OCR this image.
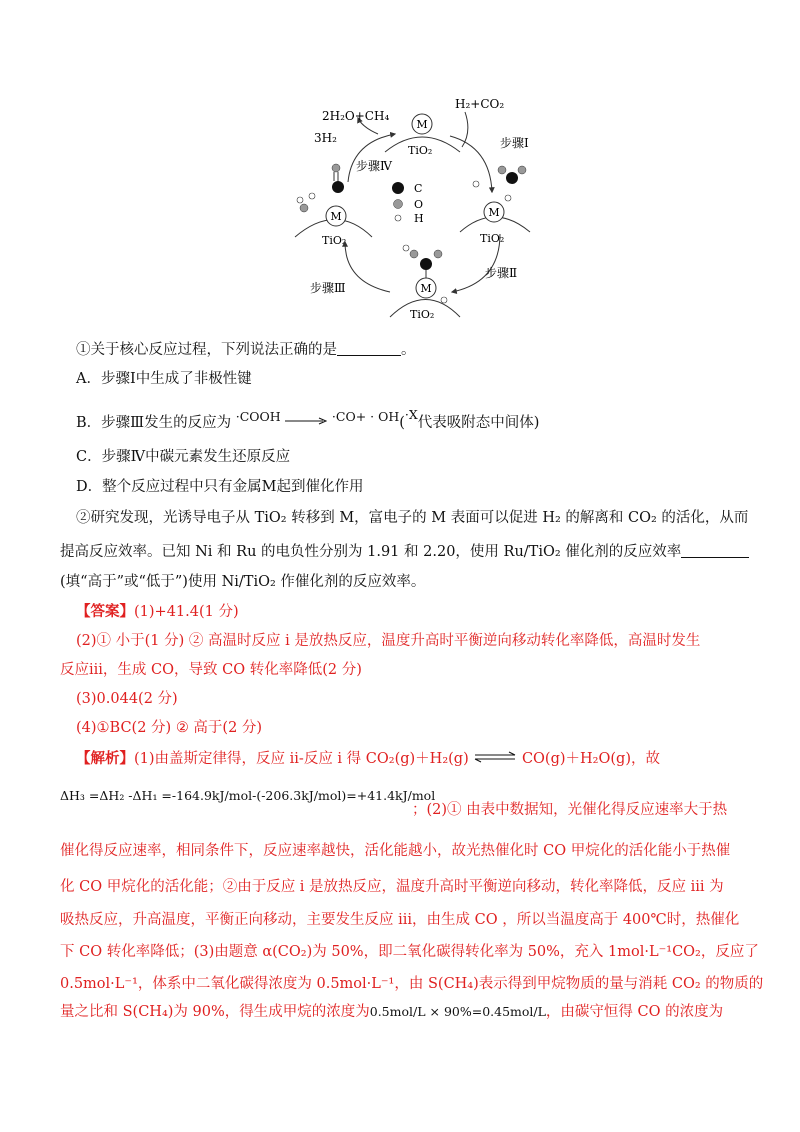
M
TiO₂
M
TiO₂
M
TiO₂
M
TiO₂
2H₂O+CH₄
3H₂
H₂+CO₂
步骤Ⅰ
步骤Ⅱ
步骤Ⅲ
步骤Ⅳ
C
O
H
①关于核心反应过程，下列说法正确的是	。
A．步骤Ⅰ中生成了非极性键
B．步骤Ⅲ发生的反应为 ·COOH → ·CO+ · OH(·X代表吸附态中间体)
C．步骤Ⅳ中碳元素发生还原反应
D．整个反应过程中只有金属M起到催化作用
②研究发现，光诱导电子从 TiO₂ 转移到 M，富电子的 M 表面可以促进 H₂ 的解离和 CO₂ 的活化，从而
提高反应效率。已知 Ni 和 Ru 的电负性分别为 1.91 和 2.20，使用 Ru/TiO₂ 催化剂的反应效率
(填“高于”或“低于”)使用 Ni/TiO₂ 作催化剂的反应效率。
【答案】(1)+41.4(1 分)
(2)① 小于(1 分) ② 高温时反应 i 是放热反应，温度升高时平衡逆向移动转化率降低，高温时发生
反应iii，生成 CO，导致 CO 转化率降低(2 分)
(3)0.044(2 分)
(4)①BC(2 分) ② 高于(2 分)
【解析】(1)由盖斯定律得，反应 ii-反应 i 得 CO₂(g)＋H₂(g) ⇌ CO(g)＋H₂O(g)，故
ΔH₃ =ΔH₂ -ΔH₁ =-164.9kJ/mol-(-206.3kJ/mol)=+41.4kJ/mol
；(2)① 由表中数据知，光催化得反应速率大于热
催化得反应速率，相同条件下，反应速率越快，活化能越小，故光热催化时 CO 甲烷化的活化能小于热催
化 CO 甲烷化的活化能；②由于反应 i 是放热反应，温度升高时平衡逆向移动，转化率降低，反应 iii 为
吸热反应，升高温度，平衡正向移动，主要发生反应 iii，由生成 CO ，所以当温度高于 400℃时，热催化
下 CO 转化率降低；(3)由题意 α(CO₂)为 50%，即二氧化碳得转化率为 50%，充入 1mol·L⁻¹CO₂，反应了
0.5mol·L⁻¹，体系中二氧化碳得浓度为 0.5mol·L⁻¹，由 S(CH₄)表示得到甲烷物质的量与消耗 CO₂ 的物质的
量之比和 S(CH₄)为 90%，得生成甲烷的浓度为0.5mol/L × 90%=0.45mol/L，由碳守恒得 CO 的浓度为
